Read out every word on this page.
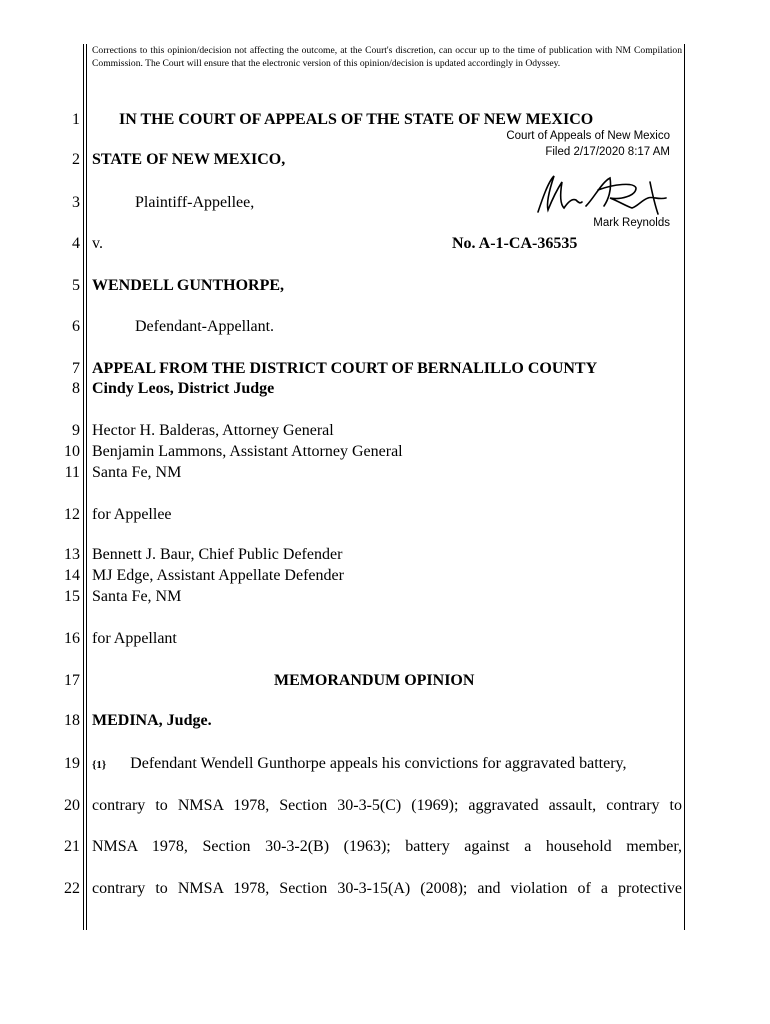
Corrections to this opinion/decision not affecting the outcome, at the Court's discretion, can occur up to the time of publication with NM Compilation Commission. The Court will ensure that the electronic version of this opinion/decision is updated accordingly in Odyssey.
1
2
3
4
5
6
7
8
9
10
11
12
13
14
15
16
17
18
19
20
21
22
IN THE COURT OF APPEALS OF THE STATE OF NEW MEXICO
Court of Appeals of New Mexico
Filed 2/17/2020 8:17 AM
Mark Reynolds
STATE OF NEW MEXICO,
Plaintiff-Appellee,
v.	No. A-1-CA-36535
WENDELL GUNTHORPE,
Defendant-Appellant.
APPEAL FROM THE DISTRICT COURT OF BERNALILLO COUNTY
Cindy Leos, District Judge
Hector H. Balderas, Attorney General
Benjamin Lammons, Assistant Attorney General
Santa Fe, NM
for Appellee
Bennett J. Baur, Chief Public Defender
MJ Edge, Assistant Appellate Defender
Santa Fe, NM
for Appellant
MEMORANDUM OPINION
MEDINA, Judge.
{1} Defendant Wendell Gunthorpe appeals his convictions for aggravated battery,
contrary to NMSA 1978, Section 30-3-5(C) (1969); aggravated assault, contrary to
NMSA 1978, Section 30-3-2(B) (1963); battery against a household member,
contrary to NMSA 1978, Section 30-3-15(A) (2008); and violation of a protective
